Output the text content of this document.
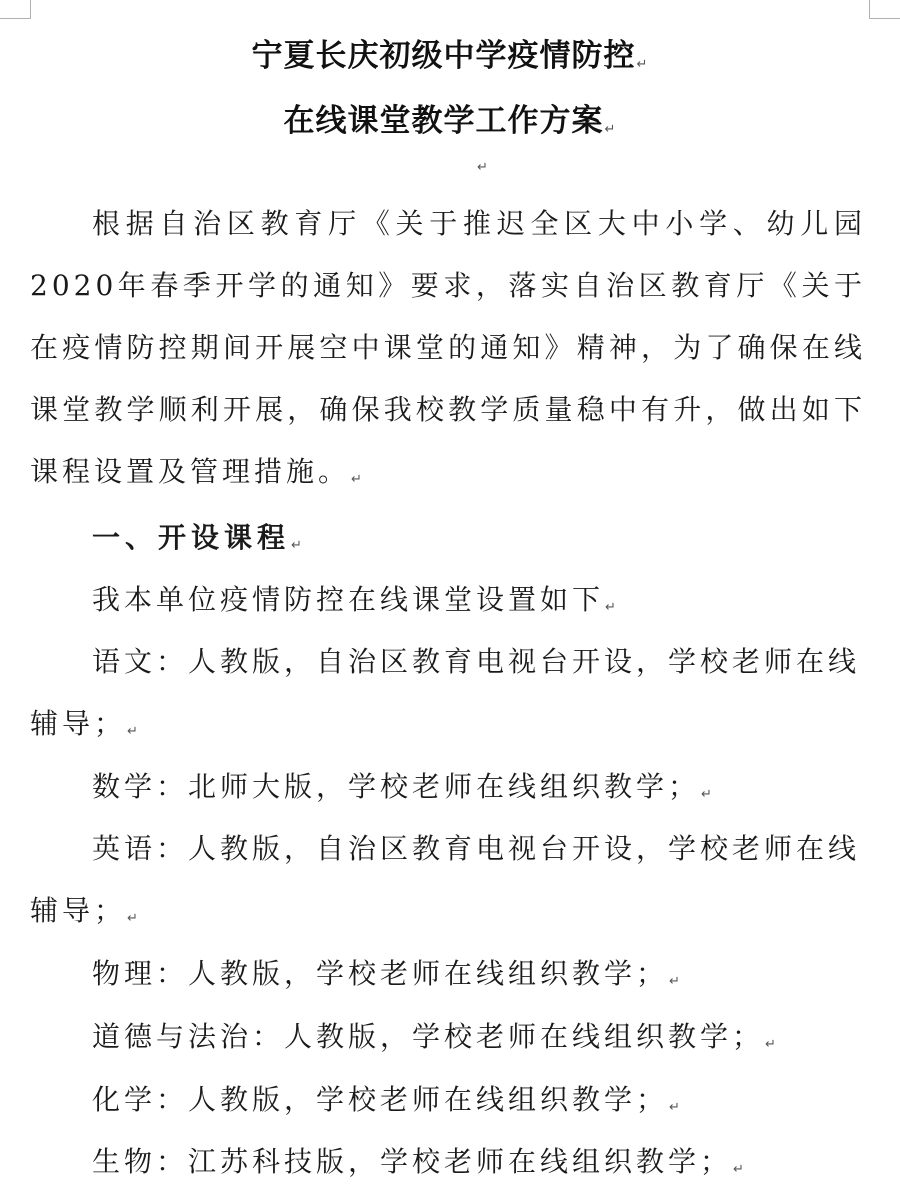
宁夏长庆初级中学疫情防控↵
在线课堂教学工作方案↵
↵
根据自治区教育厅《关于推迟全区大中小学、幼儿园2020年春季开学的通知》要求，落实自治区教育厅《关于在疫情防控期间开展空中课堂的通知》精神，为了确保在线课堂教学顺利开展，确保我校教学质量稳中有升，做出如下课程设置及管理措施。↵
一、开设课程↵
我本单位疫情防控在线课堂设置如下↵
语文：人教版，自治区教育电视台开设，学校老师在线辅导；↵
数学：北师大版，学校老师在线组织教学；↵
英语：人教版，自治区教育电视台开设，学校老师在线辅导；↵
物理：人教版，学校老师在线组织教学；↵
道德与法治：人教版，学校老师在线组织教学；↵
化学：人教版，学校老师在线组织教学；↵
生物：江苏科技版，学校老师在线组织教学；↵
